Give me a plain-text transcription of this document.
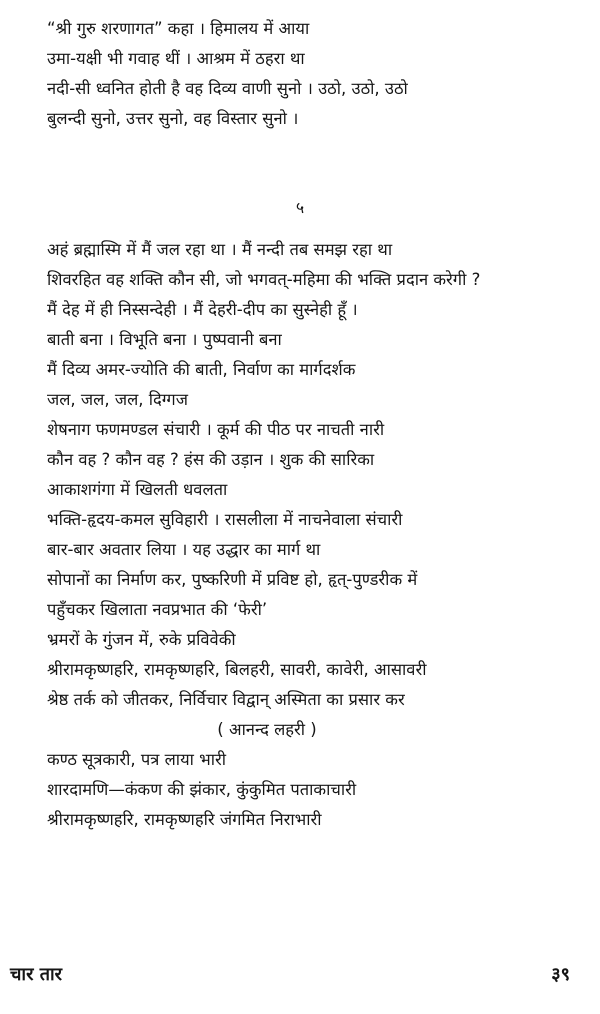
“श्री गुरु शरणागत” कहा । हिमालय में आया
उमा-यक्षी भी गवाह थीं । आश्रम में ठहरा था
नदी-सी ध्वनित होती है वह दिव्य वाणी सुनो । उठो, उठो, उठो
बुलन्दी सुनो, उत्तर सुनो, वह विस्तार सुनो ।
५
अहं ब्रह्मास्मि में मैं जल रहा था । मैं नन्दी तब समझ रहा था
शिवरहित वह शक्ति कौन सी, जो भगवत्-महिमा की भक्ति प्रदान करेगी ?
मैं देह में ही निस्सन्देही । मैं देहरी-दीप का सुस्नेही हूँ ।
बाती बना । विभूति बना । पुष्पवानी बना
मैं दिव्य अमर-ज्योति की बाती, निर्वाण का मार्गदर्शक
जल, जल, जल, दिग्गज
शेषनाग फणमण्डल संचारी । कूर्म की पीठ पर नाचती नारी
कौन वह ? कौन वह ? हंस की उड़ान । शुक की सारिका
आकाशगंगा में खिलती धवलता
भक्ति-हृदय-कमल सुविहारी । रासलीला में नाचनेवाला संचारी
बार-बार अवतार लिया । यह उद्धार का मार्ग था
सोपानों का निर्माण कर, पुष्करिणी में प्रविष्ट हो, हृत्-पुण्डरीक में
पहुँचकर खिलाता नवप्रभात की ‘फेरी’
भ्रमरों के गुंजन में, रुके प्रविवेकी
श्रीरामकृष्णहरि, रामकृष्णहरि, बिलहरी, सावरी, कावेरी, आसावरी
श्रेष्ठ तर्क को जीतकर, निर्विचार विद्वान् अस्मिता का प्रसार कर
( आनन्द लहरी )
कण्ठ सूत्रकारी, पत्र लाया भारी
शारदामणि—कंकण की झंकार, कुंकुमित पताकाचारी
श्रीरामकृष्णहरि, रामकृष्णहरि जंगमित निराभारी
चार तार	३९
